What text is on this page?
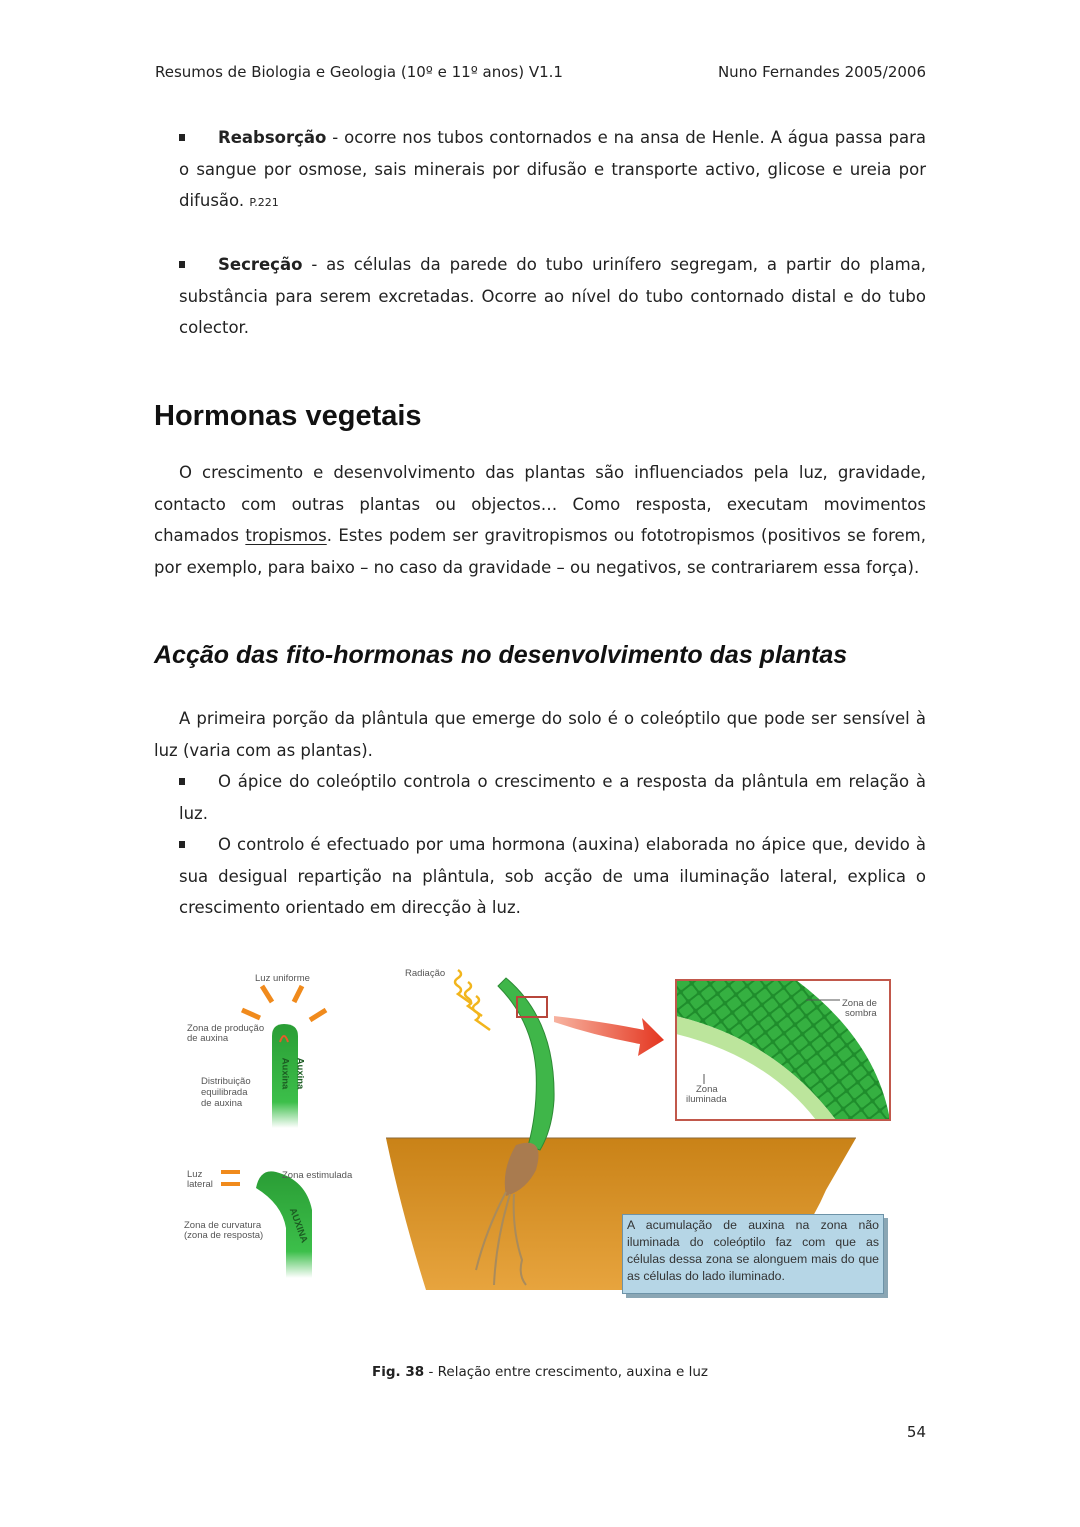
Resumos de Biologia e Geologia (10º e 11º anos) V1.1	Nuno Fernandes 2005/2006
Reabsorção - ocorre nos tubos contornados e na ansa de Henle. A água passa para o sangue por osmose, sais minerais por difusão e transporte activo, glicose e ureia por difusão. P.221
Secreção - as células da parede do tubo urinífero segregam, a partir do plama, substância para serem excretadas. Ocorre ao nível do tubo contornado distal e do tubo colector.
Hormonas vegetais
O crescimento e desenvolvimento das plantas são influenciados pela luz, gravidade, contacto com outras plantas ou objectos… Como resposta, executam movimentos chamados tropismos. Estes podem ser gravitropismos ou fototropismos (positivos se forem, por exemplo, para baixo – no caso da gravidade – ou negativos, se contrariarem essa força).
Acção das fito-hormonas no desenvolvimento das plantas
A primeira porção da plântula que emerge do solo é o coleóptilo que pode ser sensível à luz (varia com as plantas).
O ápice do coleóptilo controla o crescimento e a resposta da plântula em relação à luz.
O controlo é efectuado por uma hormona (auxina) elaborada no ápice que, devido à sua desigual repartição na plântula, sob acção de uma iluminação lateral, explica o crescimento orientado em direcção à luz.
Luz uniforme
Zona de produção
de auxina
Distribuição
equilibrada
de auxina
Auxina Auxina
Luz
lateral
Zona estimulada
Zona de curvatura
(zona de resposta) AUXINA
Radiação
Zona de
sombra
Zona
iluminada
A acumulação de auxina na zona não iluminada do coleóptilo faz com que as células dessa zona se alonguem mais do que as células do lado iluminado.
Fig. 38 - Relação entre crescimento, auxina e luz
54
